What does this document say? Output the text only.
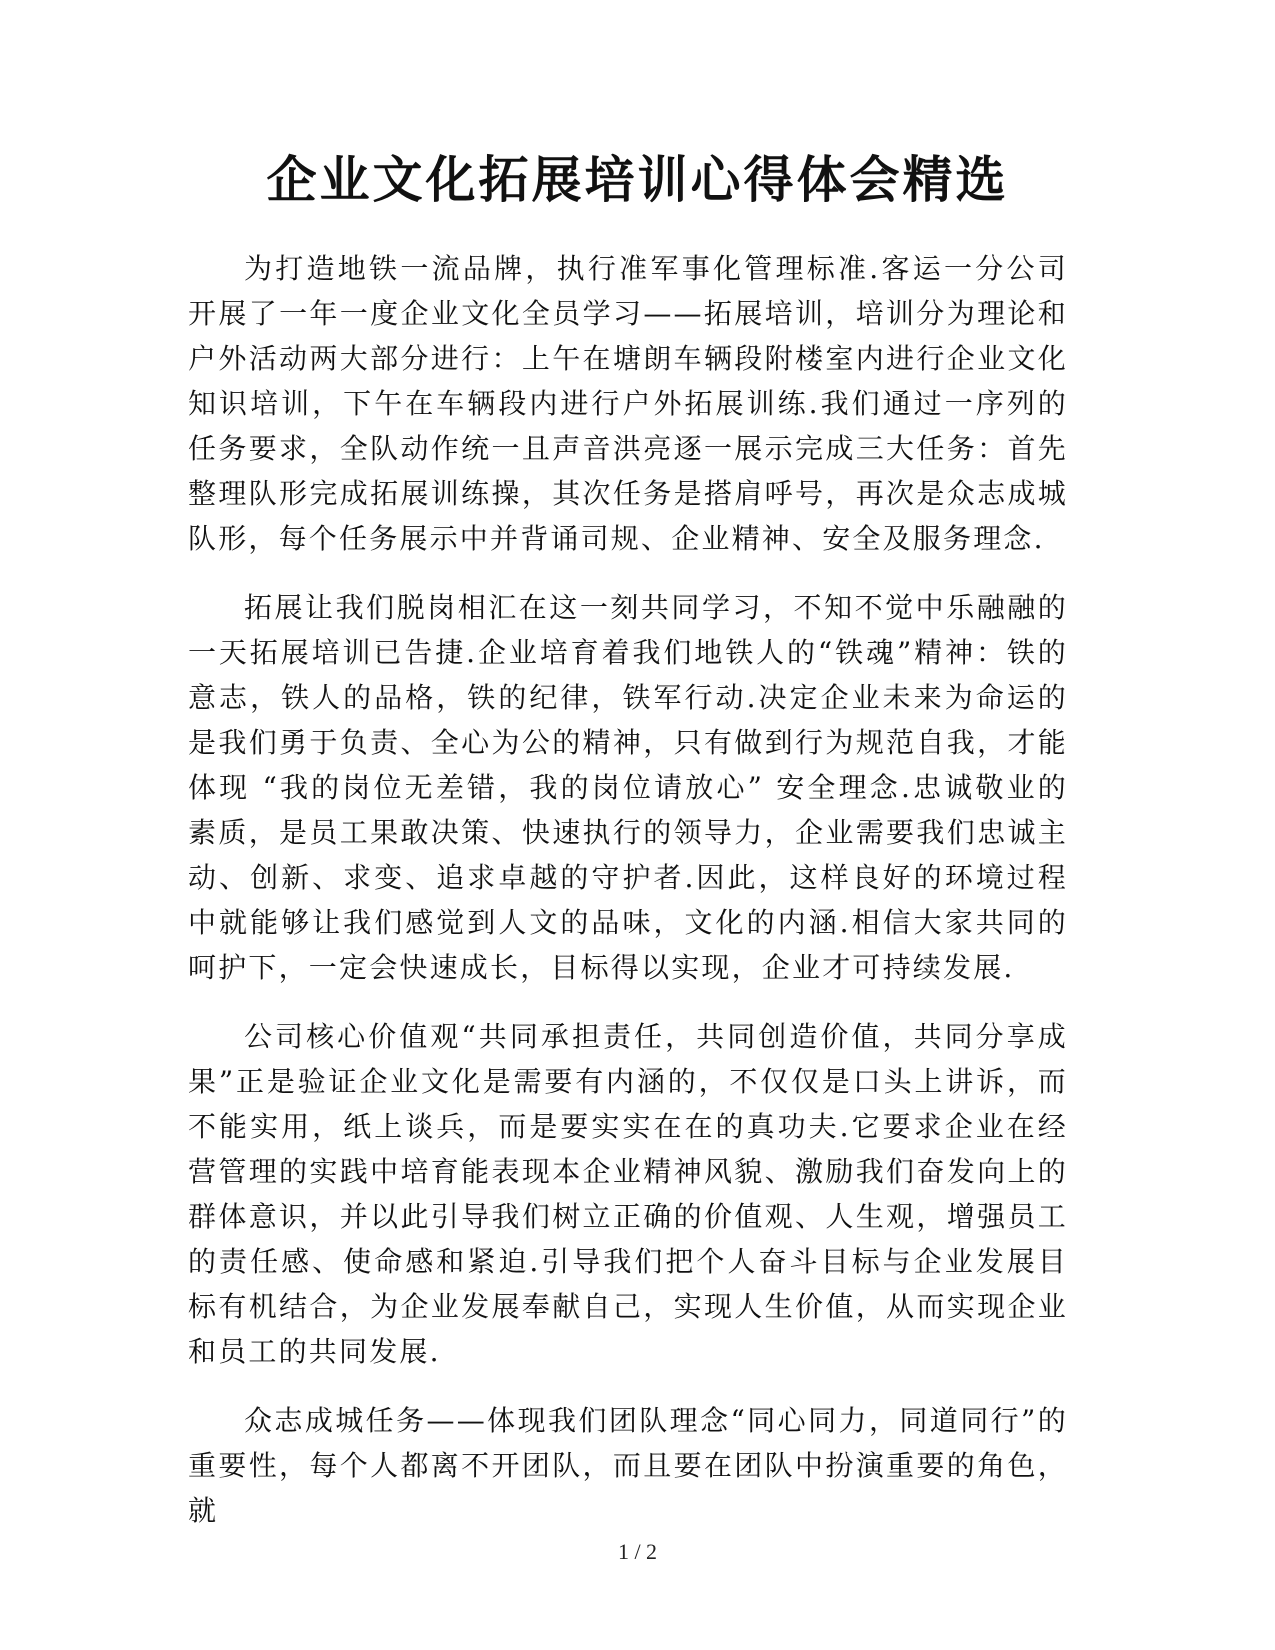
企业文化拓展培训心得体会精选

为打造地铁一流品牌，执行准军事化管理标准.客运一分公司开展了一年一度企业文化全员学习——拓展培训，培训分为理论和户外活动两大部分进行：上午在塘朗车辆段附楼室内进行企业文化知识培训，下午在车辆段内进行户外拓展训练.我们通过一序列的任务要求，全队动作统一且声音洪亮逐一展示完成三大任务：首先整理队形完成拓展训练操，其次任务是搭肩呼号，再次是众志成城队形，每个任务展示中并背诵司规、企业精神、安全及服务理念.

拓展让我们脱岗相汇在这一刻共同学习，不知不觉中乐融融的一天拓展培训已告捷.企业培育着我们地铁人的“铁魂”精神：铁的意志，铁人的品格，铁的纪律，铁军行动.决定企业未来为命运的是我们勇于负责、全心为公的精神，只有做到行为规范自我，才能体现 “我的岗位无差错，我的岗位请放心” 安全理念.忠诚敬业的素质，是员工果敢决策、快速执行的领导力，企业需要我们忠诚主动、创新、求变、追求卓越的守护者.因此，这样良好的环境过程中就能够让我们感觉到人文的品味，文化的内涵.相信大家共同的呵护下，一定会快速成长，目标得以实现，企业才可持续发展.

公司核心价值观“共同承担责任，共同创造价值，共同分享成果”正是验证企业文化是需要有内涵的，不仅仅是口头上讲诉，而不能实用，纸上谈兵，而是要实实在在的真功夫.它要求企业在经营管理的实践中培育能表现本企业精神风貌、激励我们奋发向上的群体意识，并以此引导我们树立正确的价值观、人生观，增强员工的责任感、使命感和紧迫.引导我们把个人奋斗目标与企业发展目标有机结合，为企业发展奉献自己，实现人生价值，从而实现企业和员工的共同发展.

众志成城任务——体现我们团队理念“同心同力，同道同行”的重要性，每个人都离不开团队，而且要在团队中扮演重要的角色，就

1 / 2
